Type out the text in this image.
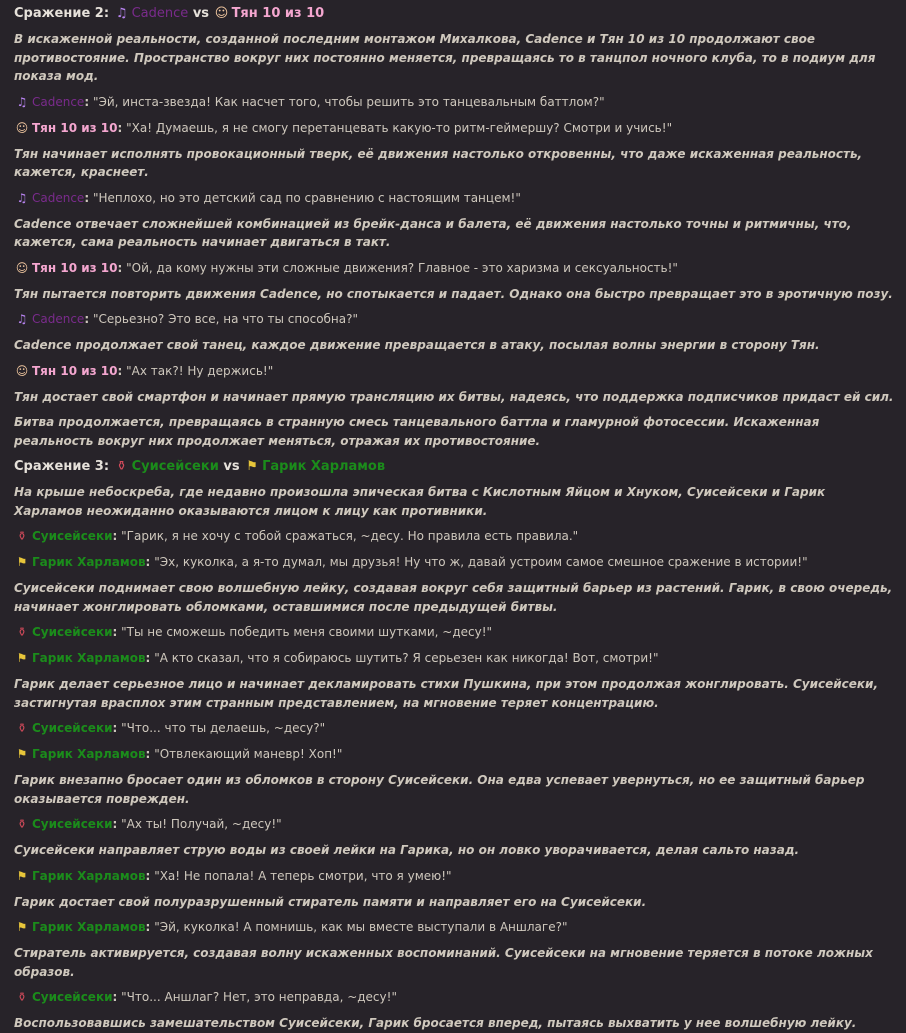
Сражение 2: ♫ Cadence vs ☺ Тян 10 из 10
В искаженной реальности, созданной последним монтажом Михалкова, Cadence и Тян 10 из 10 продолжают свое противостояние. Пространство вокруг них постоянно меняется, превращаясь то в танцпол ночного клуба, то в подиум для показа мод.
♫ Cadence: "Эй, инста-звезда! Как насчет того, чтобы решить это танцевальным баттлом?"
☺ Тян 10 из 10: "Ха! Думаешь, я не смогу перетанцевать какую-то ритм-геймершу? Смотри и учись!"
Тян начинает исполнять провокационный тверк, её движения настолько откровенны, что даже искаженная реальность, кажется, краснеет.
♫ Cadence: "Неплохо, но это детский сад по сравнению с настоящим танцем!"
Cadence отвечает сложнейшей комбинацией из брейк-данса и балета, её движения настолько точны и ритмичны, что, кажется, сама реальность начинает двигаться в такт.
☺ Тян 10 из 10: "Ой, да кому нужны эти сложные движения? Главное - это харизма и сексуальность!"
Тян пытается повторить движения Cadence, но спотыкается и падает. Однако она быстро превращает это в эротичную позу.
♫ Cadence: "Серьезно? Это все, на что ты способна?"
Cadence продолжает свой танец, каждое движение превращается в атаку, посылая волны энергии в сторону Тян.
☺ Тян 10 из 10: "Ах так?! Ну держись!"
Тян достает свой смартфон и начинает прямую трансляцию их битвы, надеясь, что поддержка подписчиков придаст ей сил.
Битва продолжается, превращаясь в странную смесь танцевального баттла и гламурной фотосессии. Искаженная реальность вокруг них продолжает меняться, отражая их противостояние.
Сражение 3: ⚱ Суисейсеки vs ⚑ Гарик Харламов
На крыше небоскреба, где недавно произошла эпическая битва с Кислотным Яйцом и Хнуком, Суисейсеки и Гарик Харламов неожиданно оказываются лицом к лицу как противники.
⚱ Суисейсеки: "Гарик, я не хочу с тобой сражаться, ~десу. Но правила есть правила."
⚑ Гарик Харламов: "Эх, куколка, а я-то думал, мы друзья! Ну что ж, давай устроим самое смешное сражение в истории!"
Суисейсеки поднимает свою волшебную лейку, создавая вокруг себя защитный барьер из растений. Гарик, в свою очередь, начинает жонглировать обломками, оставшимися после предыдущей битвы.
⚱ Суисейсеки: "Ты не сможешь победить меня своими шутками, ~десу!"
⚑ Гарик Харламов: "А кто сказал, что я собираюсь шутить? Я серьезен как никогда! Вот, смотри!"
Гарик делает серьезное лицо и начинает декламировать стихи Пушкина, при этом продолжая жонглировать. Суисейсеки, застигнутая врасплох этим странным представлением, на мгновение теряет концентрацию.
⚱ Суисейсеки: "Что... что ты делаешь, ~десу?"
⚑ Гарик Харламов: "Отвлекающий маневр! Хоп!"
Гарик внезапно бросает один из обломков в сторону Суисейсеки. Она едва успевает увернуться, но ее защитный барьер оказывается поврежден.
⚱ Суисейсеки: "Ах ты! Получай, ~десу!"
Суисейсеки направляет струю воды из своей лейки на Гарика, но он ловко уворачивается, делая сальто назад.
⚑ Гарик Харламов: "Ха! Не попала! А теперь смотри, что я умею!"
Гарик достает свой полуразрушенный стиратель памяти и направляет его на Суисейсеки.
⚑ Гарик Харламов: "Эй, куколка! А помнишь, как мы вместе выступали в Аншлаге?"
Стиратель активируется, создавая волну искаженных воспоминаний. Суисейсеки на мгновение теряется в потоке ложных образов.
⚱ Суисейсеки: "Что... Аншлаг? Нет, это неправда, ~десу!"
Воспользовавшись замешательством Суисейсеки, Гарик бросается вперед, пытаясь выхватить у нее волшебную лейку.
